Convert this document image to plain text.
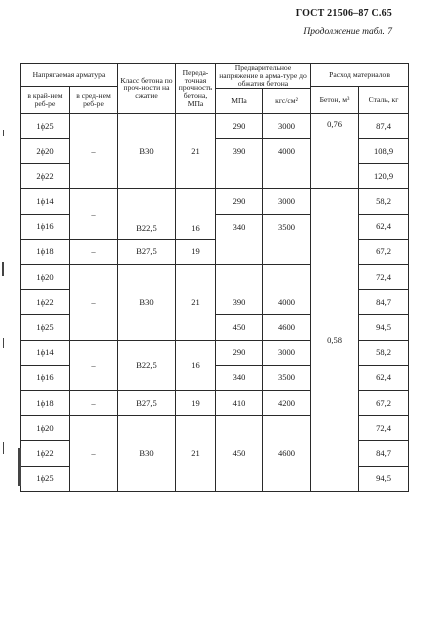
ГОСТ 21506–87 С.65
Продолжение табл. 7
Напрягаемая арматура		Класс бетона по проч-ности на сжатие	Переда-точная прочность бетона, МПа	Предварительное напряжение в арма-туре до обжатия бетона		Расход материалов	
в край-нем реб-ре	в сред-нем реб-ре					Бетон, м³	Сталь, кг
				МПа	кгс/см²		
1ϕ25	–	В30	21	290	3000	0,76	87,4
2ϕ20				390	4000		108,9
2ϕ22							120,9
1ϕ14	–	В22,5	16	290	3000	0,58	58,2
1ϕ16				340	3500		62,4
1ϕ18	–	В27,5	19				67,2
1ϕ20	–	В30	21				72,4
1ϕ22				390	4000		84,7
1ϕ25				450	4600		94,5
1ϕ14	–	В22,5	16	290	3000		58,2
1ϕ16				340	3500		62,4
1ϕ18	–	В27,5	19	410	4200		67,2
1ϕ20	–	В30	21				72,4
1ϕ22				450	4600		84,7
1ϕ25							94,5
